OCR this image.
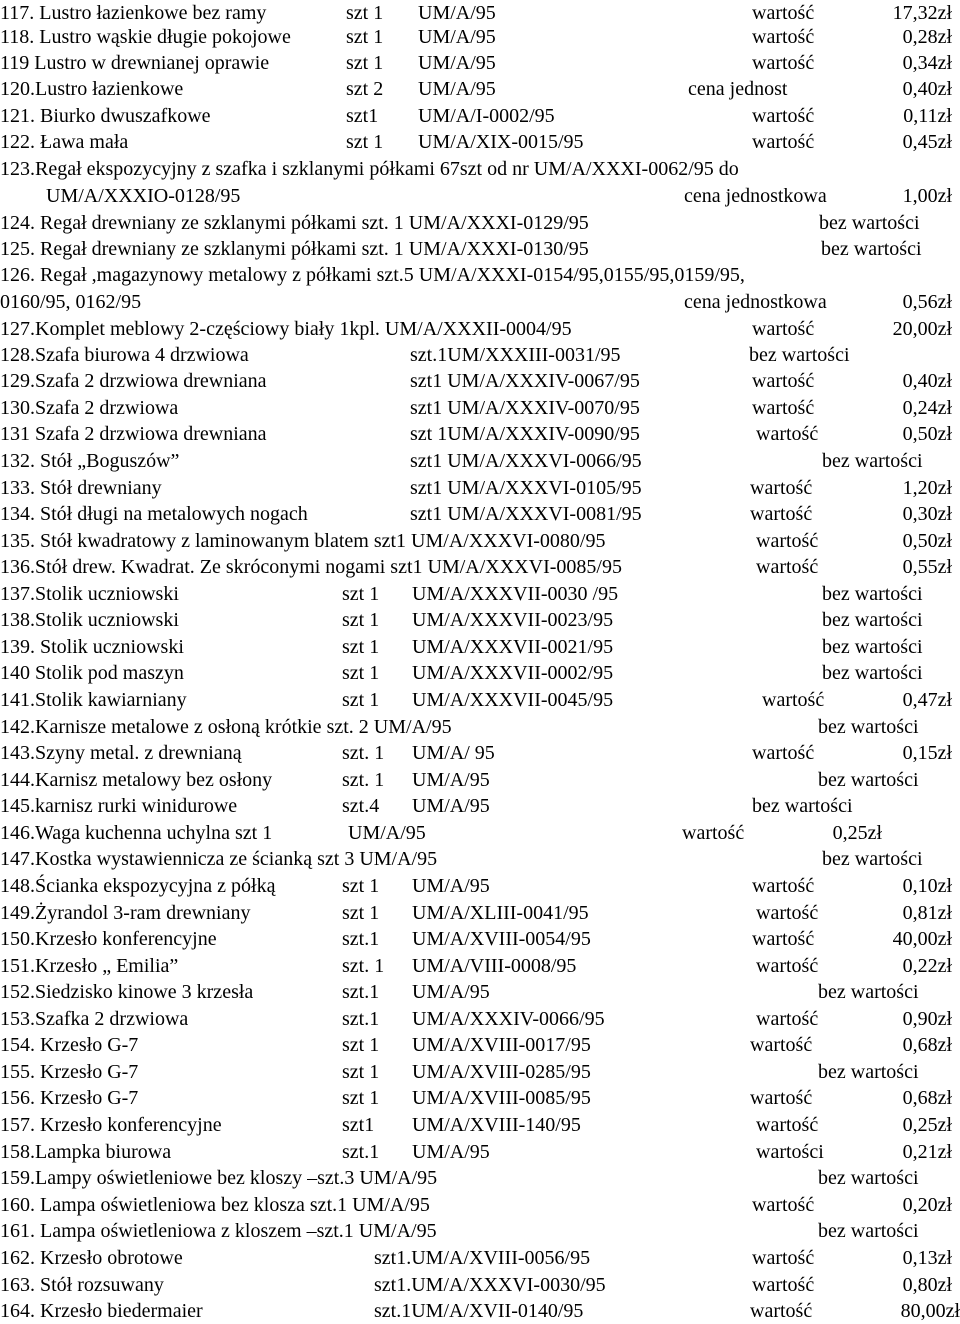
117. Lustro łazienkowe bez ramy	szt 1 UM/A/95	wartość	17,32zł
118. Lustro wąskie długie pokojowe	szt 1 UM/A/95	wartość	0,28zł
119 Lustro w drewnianej oprawie	szt 1 UM/A/95	wartość	0,34zł
120.Lustro łazienkowe	szt 2 UM/A/95	cena jednost	0,40zł
121. Biurko dwuszafkowe	szt1 UM/A/I-0002/95	wartość	0,11zł
122. Ława mała	szt 1 UM/A/XIX-0015/95	wartość	0,45zł
123.Regał ekspozycyjny z szafka i szklanymi półkami 67szt od nr UM/A/XXXI-0062/95 do
UM/A/XXXIO-0128/95	cena jednostkowa	1,00zł
124. Regał drewniany ze szklanymi półkami szt. 1 UM/A/XXXI-0129/95	bez wartości
125. Regał drewniany ze szklanymi półkami szt. 1 UM/A/XXXI-0130/95	bez wartości
126. Regał ,magazynowy metalowy z półkami szt.5 UM/A/XXXI-0154/95,0155/95,0159/95,
0160/95, 0162/95	cena jednostkowa	0,56zł
127.Komplet meblowy 2-częściowy biały 1kpl. UM/A/XXXII-0004/95	wartość	20,00zł
128.Szafa biurowa 4 drzwiowa	szt.1UM/XXXIII-0031/95	bez wartości
129.Szafa 2 drzwiowa drewniana	szt1 UM/A/XXXIV-0067/95	wartość	0,40zł
130.Szafa 2 drzwiowa	szt1 UM/A/XXXIV-0070/95	wartość	0,24zł
131 Szafa 2 drzwiowa drewniana	szt 1UM/A/XXXIV-0090/95	wartość	0,50zł
132. Stół „Boguszów”	szt1 UM/A/XXXVI-0066/95	bez wartości
133. Stół drewniany	szt1 UM/A/XXXVI-0105/95	wartość	1,20zł
134. Stół długi na metalowych nogach	szt1 UM/A/XXXVI-0081/95	wartość	0,30zł
135. Stół kwadratowy z laminowanym blatem szt1 UM/A/XXXVI-0080/95	wartość	0,50zł
136.Stół drew. Kwadrat. Ze skróconymi nogami szt1 UM/A/XXXVI-0085/95	wartość	0,55zł
137.Stolik uczniowski	szt 1 UM/A/XXXVII-0030 /95	bez wartości
138.Stolik uczniowski	szt 1 UM/A/XXXVII-0023/95	bez wartości
139. Stolik uczniowski	szt 1 UM/A/XXXVII-0021/95	bez wartości
140 Stolik pod maszyn	szt 1 UM/A/XXXVII-0002/95	bez wartości
141.Stolik kawiarniany	szt 1 UM/A/XXXVII-0045/95	wartość	0,47zł
142.Karnisze metalowe z osłoną krótkie szt. 2 UM/A/95	bez wartości
143.Szyny metal. z drewnianą	szt. 1 UM/A/ 95	wartość	0,15zł
144.Karnisz metalowy bez osłony	szt. 1 UM/A/95	bez wartości
145.karnisz rurki winidurowe	szt.4 UM/A/95	bez wartości
146.Waga kuchenna uchylna szt 1	UM/A/95	wartość	0,25zł
147.Kostka wystawiennicza ze ścianką szt 3 UM/A/95	bez wartości
148.Ścianka ekspozycyjna z półką	szt 1 UM/A/95	wartość	0,10zł
149.Żyrandol 3-ram drewniany	szt 1 UM/A/XLIII-0041/95	wartość	0,81zł
150.Krzesło konferencyjne	szt.1 UM/A/XVIII-0054/95	wartość	40,00zł
151.Krzesło „ Emilia”	szt. 1 UM/A/VIII-0008/95	wartość	0,22zł
152.Siedzisko kinowe 3 krzesła	szt.1 UM/A/95	bez wartości
153.Szafka 2 drzwiowa	szt.1 UM/A/XXXIV-0066/95	wartość	0,90zł
154. Krzesło G-7	szt 1 UM/A/XVIII-0017/95	wartość	0,68zł
155. Krzesło G-7	szt 1 UM/A/XVIII-0285/95	bez wartości
156. Krzesło G-7	szt 1 UM/A/XVIII-0085/95	wartość	0,68zł
157. Krzesło konferencyjne	szt1 UM/A/XVIII-140/95	wartość	0,25zł
158.Lampka biurowa	szt.1 UM/A/95	wartości	0,21zł
159.Lampy oświetleniowe bez kloszy –szt.3 UM/A/95	bez wartości
160. Lampa oświetleniowa bez klosza szt.1 UM/A/95	wartość	0,20zł
161. Lampa oświetleniowa z kloszem –szt.1 UM/A/95	bez wartości
162. Krzesło obrotowe	szt1.UM/A/XVIII-0056/95	wartość	0,13zł
163. Stół rozsuwany	szt1.UM/A/XXXVI-0030/95	wartość	0,80zł
164. Krzesło biedermaier	szt.1UM/A/XVII-0140/95	wartość	80,00zł
